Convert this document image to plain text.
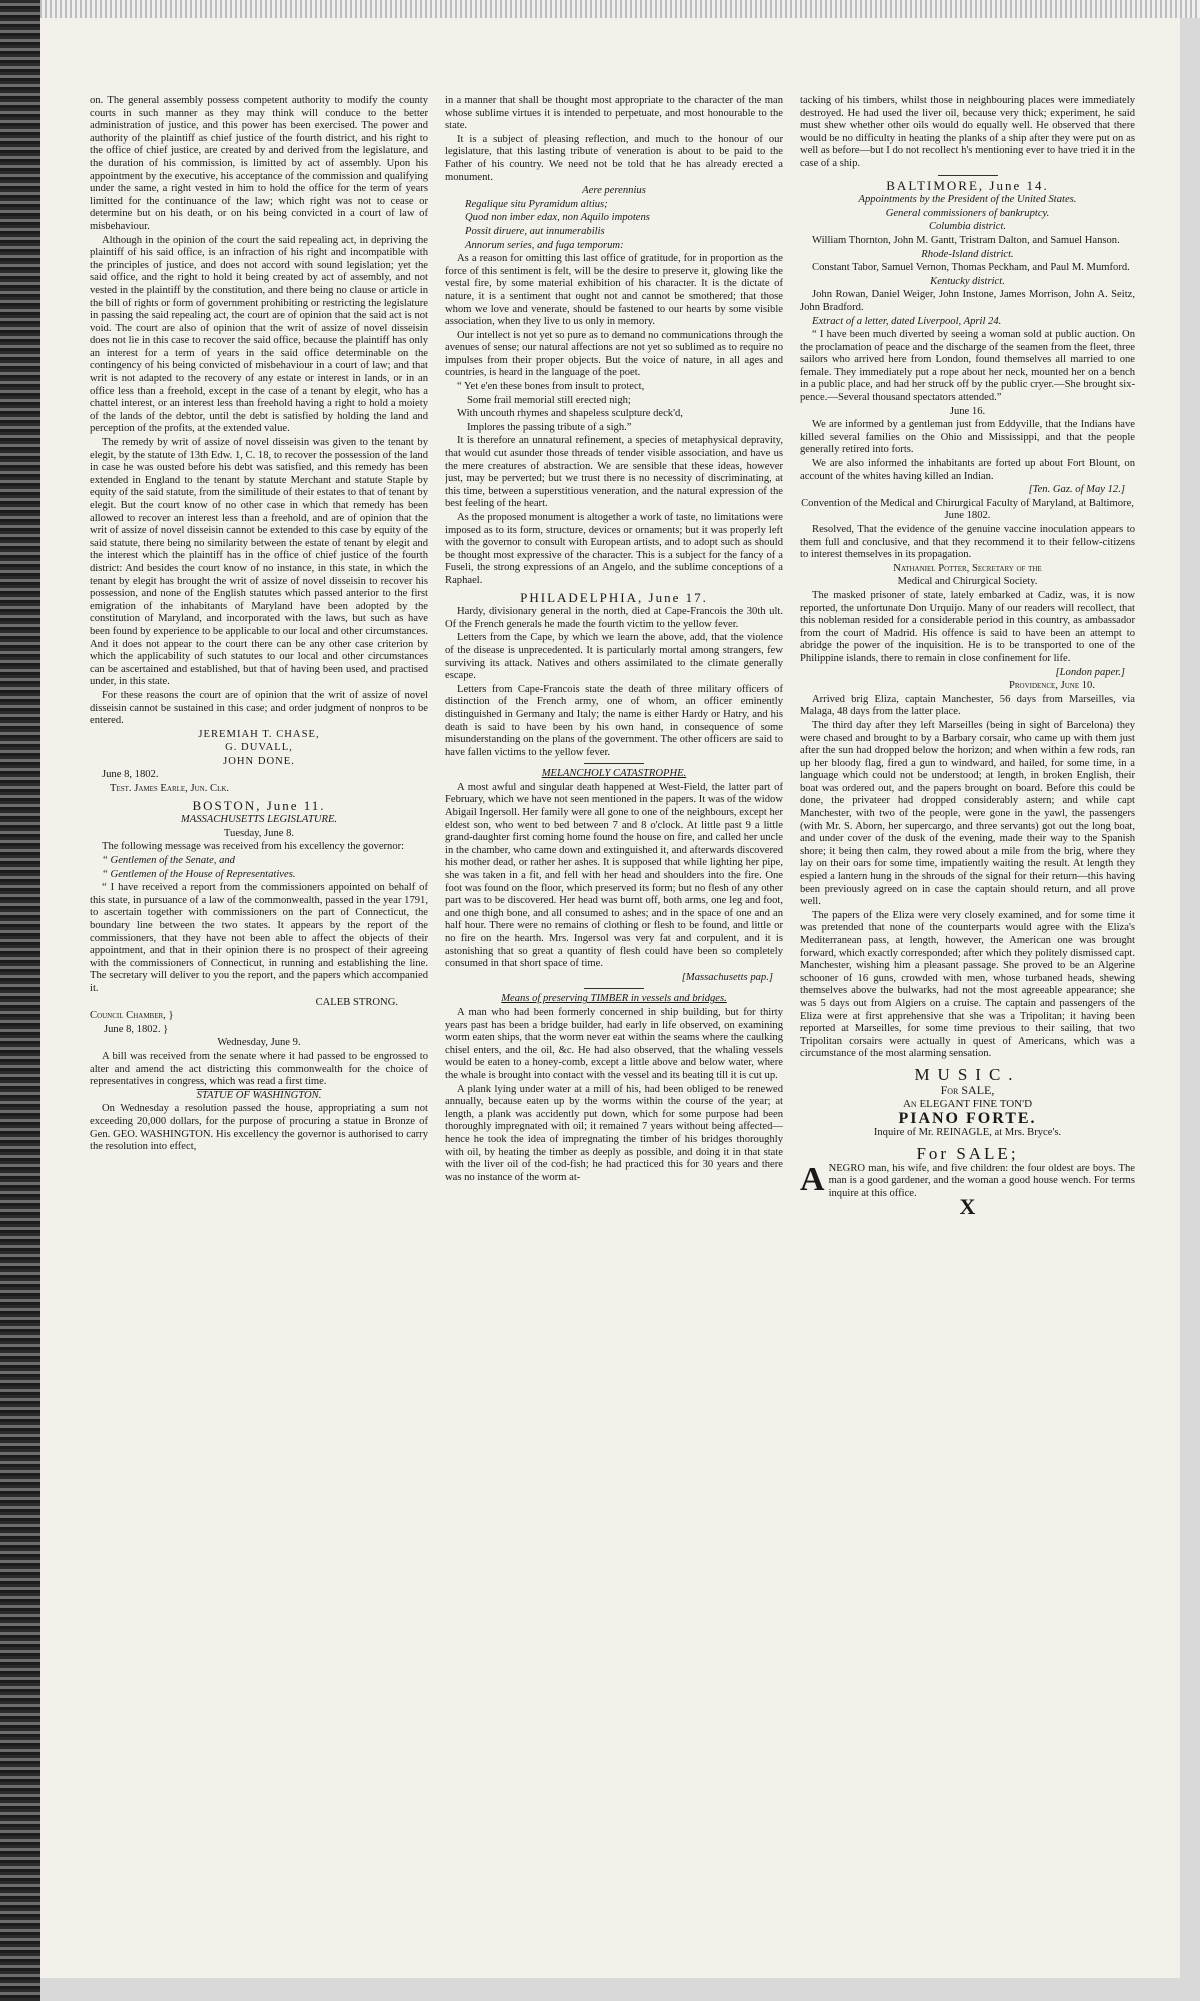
on. The general assembly possess competent authority to modify the county courts in such manner as they may think will conduce to the better administration of justice, and this power has been exercised. The power and authority of the plaintiff as chief justice of the fourth district, and his right to the office of chief justice, are created by and derived from the legislature, and the duration of his commission, is limitted by act of assembly. Upon his appointment by the executive, his acceptance of the commission and qualifying under the same, a right vested in him to hold the office for the term of years limitted for the continuance of the law; which right was not to cease or determine but on his death, or on his being convicted in a court of law of misbehaviour.

Although in the opinion of the court the said repealing act, in depriving the plaintiff of his said office, is an infraction of his right and incompatible with the principles of justice, and does not accord with sound legislation; yet the said office, and the right to hold it being created by act of assembly, and not vested in the plaintiff by the constitution, and there being no clause or article in the bill of rights or form of government prohibiting or restricting the legislature in passing the said repealing act, the court are of opinion that the said act is not void. The court are also of opinion that the writ of assize of novel disseisin does not lie in this case to recover the said office, because the plaintiff has only an interest for a term of years in the said office determinable on the contingency of his being convicted of misbehaviour in a court of law; and that writ is not adapted to the recovery of any estate or interest in lands, or in an office less than a freehold, except in the case of a tenant by elegit, who has a chattel interest, or an interest less than freehold having a right to hold a moiety of the lands of the debtor, until the debt is satisfied by holding the land and perception of the profits, at the extended value.

The remedy by writ of assize of novel disseisin was given to the tenant by elegit, by the statute of 13th Edw. 1, C. 18, to recover the possession of the land in case he was ousted before his debt was satisfied, and this remedy has been extended in England to the tenant by statute Merchant and statute Staple by equity of the said statute, from the similitude of their estates to that of tenant by elegit. But the court know of no other case in which that remedy has been allowed to recover an interest less than a freehold, and are of opinion that the writ of assize of novel disseisin cannot be extended to this case by equity of the said statute, there being no similarity between the estate of tenant by elegit and the interest which the plaintiff has in the office of chief justice of the fourth district: And besides the court know of no instance, in this state, in which the tenant by elegit has brought the writ of assize of novel disseisin to recover his possession, and none of the English statutes which passed anterior to the first emigration of the inhabitants of Maryland have been adopted by the constitution of Maryland, and incorporated with the laws, but such as have been found by experience to be applicable to our local and other circumstances. And it does not appear to the court there can be any other case criterion by which the applicability of such statutes to our local and other circumstances can be ascertained and established, but that of having been used, and practised under, in this state.

For these reasons the court are of opinion that the writ of assize of novel disseisin cannot be sustained in this case; and order judgment of nonpros to be entered.

JEREMIAH T. CHASE,

G. DUVALL,

JOHN DONE.

June 8, 1802.

Test. James Earle, Jun. Clk.

BOSTON, June 11.

MASSACHUSETTS LEGISLATURE.

Tuesday, June 8.

The following message was received from his excellency the governor:

“ Gentlemen of the Senate, and

“ Gentlemen of the House of Representatives.

“ I have received a report from the commissioners appointed on behalf of this state, in pursuance of a law of the commonwealth, passed in the year 1791, to ascertain together with commissioners on the part of Connecticut, the boundary line between the two states. It appears by the report of the commissioners, that they have not been able to affect the objects of their appointment, and that in their opinion there is no prospect of their agreeing with the commissioners of Connecticut, in running and establishing the line. The secretary will deliver to you the report, and the papers which accompanied it.

CALEB STRONG.

Council Chamber, }

June 8, 1802. }

Wednesday, June 9.

A bill was received from the senate where it had passed to be engrossed to alter and amend the act districting this commonwealth for the choice of representatives in congress, which was read a first time.

STATUE OF WASHINGTON.

On Wednesday a resolution passed the house, appropriating a sum not exceeding 20,000 dollars, for the purpose of procuring a statue in Bronze of Gen. GEO. WASHINGTON. His excellency the governor is authorised to carry the resolution into effect,

in a manner that shall be thought most appropriate to the character of the man whose sublime virtues it is intended to perpetuate, and most honourable to the state.

It is a subject of pleasing reflection, and much to the honour of our legislature, that this lasting tribute of veneration is about to be paid to the Father of his country. We need not be told that he has already erected a monument.

Aere perennius

Regalique situ Pyramidum altius;

Quod non imber edax, non Aquilo impotens

Possit diruere, aut innumerabilis

Annorum series, and fuga temporum:

As a reason for omitting this last office of gratitude, for in proportion as the force of this sentiment is felt, will be the desire to preserve it, glowing like the vestal fire, by some material exhibition of his character. It is the dictate of nature, it is a sentiment that ought not and cannot be smothered; that those whom we love and venerate, should be fastened to our hearts by some visible association, when they live to us only in memory.

Our intellect is not yet so pure as to demand no communications through the avenues of sense; our natural affections are not yet so sublimed as to require no impulses from their proper objects. But the voice of nature, in all ages and countries, is heard in the language of the poet.

“ Yet e'en these bones from insult to protect,

Some frail memorial still erected nigh;

With uncouth rhymes and shapeless sculpture deck'd,

Implores the passing tribute of a sigh.”

It is therefore an unnatural refinement, a species of metaphysical depravity, that would cut asunder those threads of tender visible association, and have us the mere creatures of abstraction. We are sensible that these ideas, however just, may be perverted; but we trust there is no necessity of discriminating, at this time, between a superstitious veneration, and the natural expression of the best feeling of the heart.

As the proposed monument is altogether a work of taste, no limitations were imposed as to its form, structure, devices or ornaments; but it was properly left with the governor to consult with European artists, and to adopt such as should be thought most expressive of the character. This is a subject for the fancy of a Fuseli, the strong expressions of an Angelo, and the sublime conceptions of a Raphael.

PHILADELPHIA, June 17.

Hardy, divisionary general in the north, died at Cape-Francois the 30th ult. Of the French generals he made the fourth victim to the yellow fever.

Letters from the Cape, by which we learn the above, add, that the violence of the disease is unprecedented. It is particularly mortal among strangers, few surviving its attack. Natives and others assimilated to the climate generally escape.

Letters from Cape-Francois state the death of three military officers of distinction of the French army, one of whom, an officer eminently distinguished in Germany and Italy; the name is either Hardy or Hatry, and his death is said to have been by his own hand, in consequence of some misunderstanding on the plans of the government. The other officers are said to have fallen victims to the yellow fever.

MELANCHOLY CATASTROPHE.

A most awful and singular death happened at West-Field, the latter part of February, which we have not seen mentioned in the papers. It was of the widow Abigail Ingersoll. Her family were all gone to one of the neighbours, except her eldest son, who went to bed between 7 and 8 o'clock. At little past 9 a little grand-daughter first coming home found the house on fire, and called her uncle in the chamber, who came down and extinguished it, and afterwards discovered his mother dead, or rather her ashes. It is supposed that while lighting her pipe, she was taken in a fit, and fell with her head and shoulders into the fire. One foot was found on the floor, which preserved its form; but no flesh of any other part was to be discovered. Her head was burnt off, both arms, one leg and foot, and one thigh bone, and all consumed to ashes; and in the space of one and an half hour. There were no remains of clothing or flesh to be found, and little or no fire on the hearth. Mrs. Ingersol was very fat and corpulent, and it is astonishing that so great a quantity of flesh could have been so completely consumed in that short space of time.

[Massachusetts pap.]

Means of preserving TIMBER in vessels and bridges.

A man who had been formerly concerned in ship building, but for thirty years past has been a bridge builder, had early in life observed, on examining worm eaten ships, that the worm never eat within the seams where the caulking chisel enters, and the oil, &c. He had also observed, that the whaling vessels would be eaten to a honey-comb, except a little above and below water, where the whale is brought into contact with the vessel and its beating till it is cut up.

A plank lying under water at a mill of his, had been obliged to be renewed annually, because eaten up by the worms within the course of the year; at length, a plank was accidently put down, which for some purpose had been thoroughly impregnated with oil; it remained 7 years without being affected—hence he took the idea of impregnating the timber of his bridges thoroughly with oil, by heating the timber as deeply as possible, and doing it in that state with the liver oil of the cod-fish; he had practiced this for 30 years and there was no instance of the worm at-

tacking of his timbers, whilst those in neighbouring places were immediately destroyed. He had used the liver oil, because very thick; experiment, he said must shew whether other oils would do equally well. He observed that there would be no difficulty in heating the planks of a ship after they were put on as well as before—but I do not recollect h's mentioning ever to have tried it in the case of a ship.

BALTIMORE, June 14.

Appointments by the President of the United States.

General commissioners of bankruptcy.

Columbia district.

William Thornton, John M. Gantt, Tristram Dalton, and Samuel Hanson.

Rhode-Island district.

Constant Tabor, Samuel Vernon, Thomas Peckham, and Paul M. Mumford.

Kentucky district.

John Rowan, Daniel Weiger, John Instone, James Morrison, John A. Seitz, John Bradford.

Extract of a letter, dated Liverpool, April 24.

“ I have been much diverted by seeing a woman sold at public auction. On the proclamation of peace and the discharge of the seamen from the fleet, three sailors who arrived here from London, found themselves all married to one female. They immediately put a rope about her neck, mounted her on a bench in a public place, and had her struck off by the public cryer.—She brought six-pence.—Several thousand spectators attended.”

June 16.

We are informed by a gentleman just from Eddyville, that the Indians have killed several families on the Ohio and Mississippi, and that the people generally retired into forts.

We are also informed the inhabitants are forted up about Fort Blount, on account of the whites having killed an Indian.

[Ten. Gaz. of May 12.]

Convention of the Medical and Chirurgical Faculty of Maryland, at Baltimore, June 1802.

Resolved, That the evidence of the genuine vaccine inoculation appears to them full and conclusive, and that they recommend it to their fellow-citizens to interest themselves in its propagation.

Nathaniel Potter, Secretary of the

Medical and Chirurgical Society.

The masked prisoner of state, lately embarked at Cadiz, was, it is now reported, the unfortunate Don Urquijo. Many of our readers will recollect, that this nobleman resided for a considerable period in this country, as ambassador from the court of Madrid. His offence is said to have been an attempt to abridge the power of the inquisition. He is to be transported to one of the Philippine islands, there to remain in close confinement for life.

[London paper.]

Providence, June 10.

Arrived brig Eliza, captain Manchester, 56 days from Marseilles, via Malaga, 48 days from the latter place.

The third day after they left Marseilles (being in sight of Barcelona) they were chased and brought to by a Barbary corsair, who came up with them just after the sun had dropped below the horizon; and when within a few rods, ran up her bloody flag, fired a gun to windward, and hailed, for some time, in a language which could not be understood; at length, in broken English, their boat was ordered out, and the papers brought on board. Before this could be done, the privateer had dropped considerably astern; and while capt Manchester, with two of the people, were gone in the yawl, the passengers (with Mr. S. Aborn, her supercargo, and three servants) got out the long boat, and under cover of the dusk of the evening, made their way to the Spanish shore; it being then calm, they rowed about a mile from the brig, where they lay on their oars for some time, impatiently waiting the result. At length they espied a lantern hung in the shrouds of the signal for their return—this having been previously agreed on in case the captain should return, and all prove well.

The papers of the Eliza were very closely examined, and for some time it was pretended that none of the counterparts would agree with the Eliza's Mediterranean pass, at length, however, the American one was brought forward, which exactly corresponded; after which they politely dismissed capt. Manchester, wishing him a pleasant passage. She proved to be an Algerine schooner of 16 guns, crowded with men, whose turbaned heads, shewing themselves above the bulwarks, had not the most agreeable appearance; she was 5 days out from Algiers on a cruise. The captain and passengers of the Eliza were at first apprehensive that she was a Tripolitan; it having been reported at Marseilles, for some time previous to their sailing, that two Tripolitan corsairs were actually in quest of Americans, which was a circumstance of the most alarming sensation.

MUSIC.

For SALE,

An ELEGANT FINE TON'D

PIANO FORTE.

Inquire of Mr. REINAGLE, at Mrs. Bryce's.

For SALE;

ANEGRO man, his wife, and five children: the four oldest are boys. The man is a good gardener, and the woman a good house wench. For terms inquire at this office.

X
